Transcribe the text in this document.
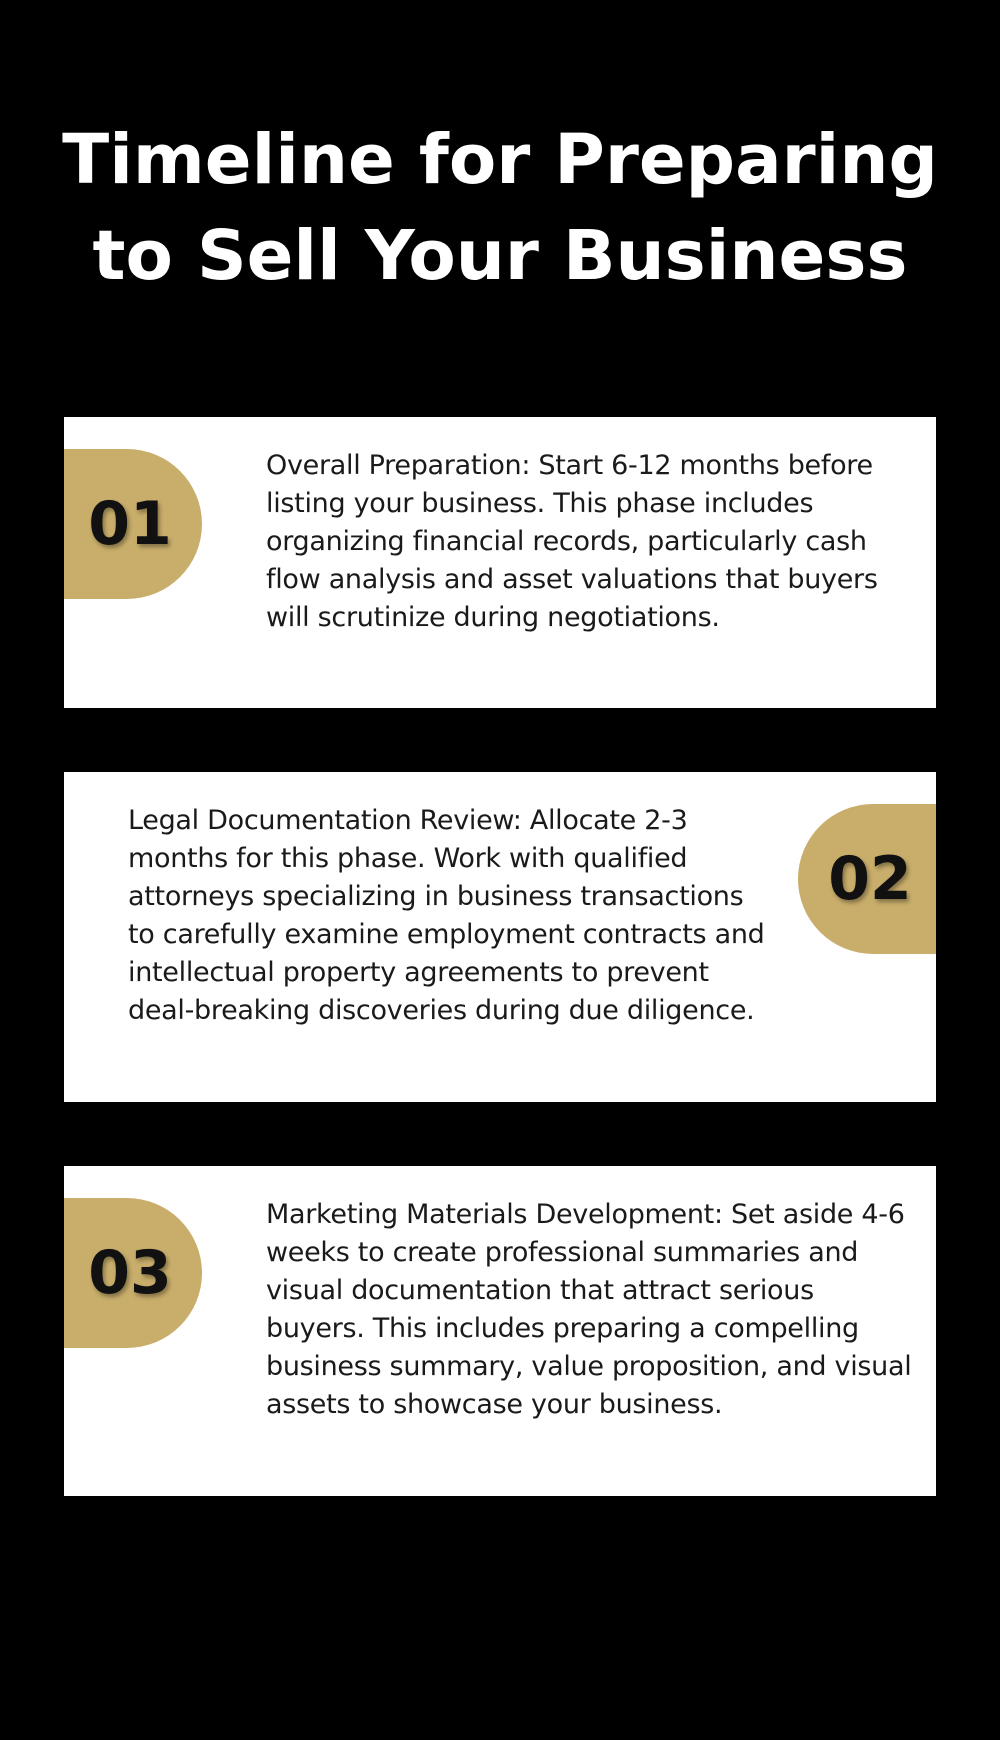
Timeline for Preparing to Sell Your Business
01

Overall Preparation: Start 6-12 months before listing your business. This phase includes organizing financial records, particularly cash flow analysis and asset valuations that buyers will scrutinize during negotiations.

Legal Documentation Review: Allocate 2-3 months for this phase. Work with qualified attorneys specializing in business transactions to carefully examine employment contracts and intellectual property agreements to prevent deal-breaking discoveries during due diligence.

02
03

Marketing Materials Development: Set aside 4-6 weeks to create professional summaries and visual documentation that attract serious buyers. This includes preparing a compelling business summary, value proposition, and visual assets to showcase your business.
